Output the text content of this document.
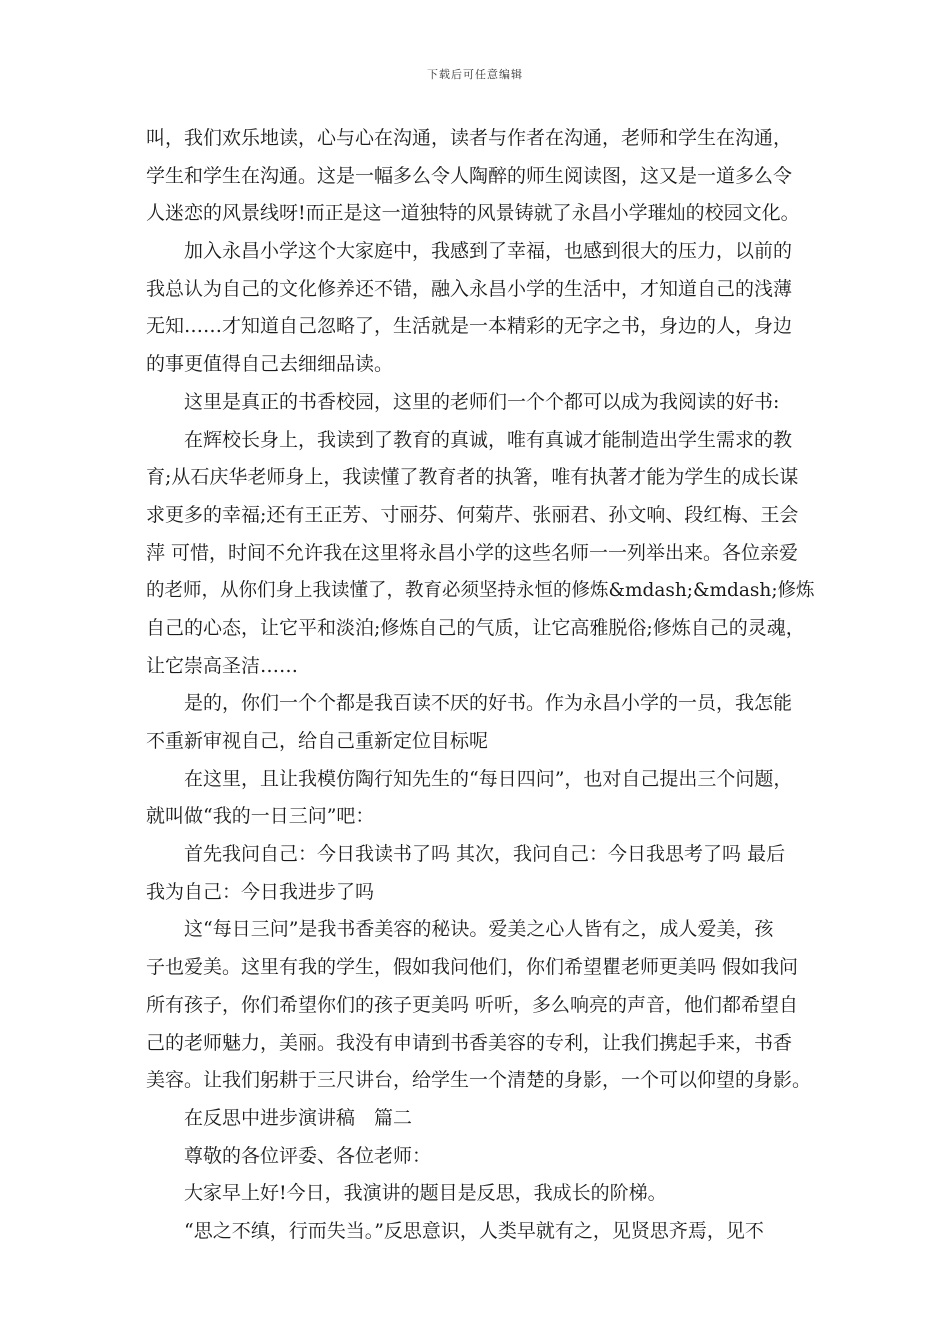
下载后可任意编辑
叫，我们欢乐地读，心与心在沟通，读者与作者在沟通，老师和学生在沟通，
学生和学生在沟通。这是一幅多么令人陶醉的师生阅读图，这又是一道多么令
人迷恋的风景线呀!而正是这一道独特的风景铸就了永昌小学璀灿的校园文化。
加入永昌小学这个大家庭中，我感到了幸福，也感到很大的压力，以前的
我总认为自己的文化修养还不错，融入永昌小学的生活中，才知道自己的浅薄
无知……才知道自己忽略了，生活就是一本精彩的无字之书，身边的人，身边
的事更值得自己去细细品读。
这里是真正的书香校园，这里的老师们一个个都可以成为我阅读的好书:
在辉校长身上，我读到了教育的真诚，唯有真诚才能制造出学生需求的教
育;从石庆华老师身上，我读懂了教育者的执箸，唯有执著才能为学生的成长谋
求更多的幸福;还有王正芳、寸丽芬、何菊芹、张丽君、孙文响、段红梅、王会
萍 可惜，时间不允许我在这里将永昌小学的这些名师一一列举出来。各位亲爱
的老师，从你们身上我读懂了，教育必须坚持永恒的修炼&mdash;&mdash;修炼
自己的心态，让它平和淡泊;修炼自己的气质，让它高雅脱俗;修炼自己的灵魂，
让它崇高圣洁……
是的，你们一个个都是我百读不厌的好书。作为永昌小学的一员，我怎能
不重新审视自己，给自己重新定位目标呢
在这里，且让我模仿陶行知先生的“每日四问”，也对自己提出三个问题，
就叫做“我的一日三问”吧：
首先我问自己：今日我读书了吗 其次，我问自己：今日我思考了吗 最后
我为自己：今日我进步了吗
这“每日三问”是我书香美容的秘诀。爱美之心人皆有之，成人爱美，孩
子也爱美。这里有我的学生，假如我问他们，你们希望瞿老师更美吗 假如我问
所有孩子，你们希望你们的孩子更美吗 听听，多么响亮的声音，他们都希望自
己的老师魅力，美丽。我没有申请到书香美容的专利，让我们携起手来，书香
美容。让我们躬耕于三尺讲台，给学生一个清楚的身影，一个可以仰望的身影。
在反思中进步演讲稿　篇二
尊敬的各位评委、各位老师：
大家早上好!今日，我演讲的题目是反思，我成长的阶梯。
“思之不缜，行而失当。”反思意识，人类早就有之，见贤思齐焉，见不
